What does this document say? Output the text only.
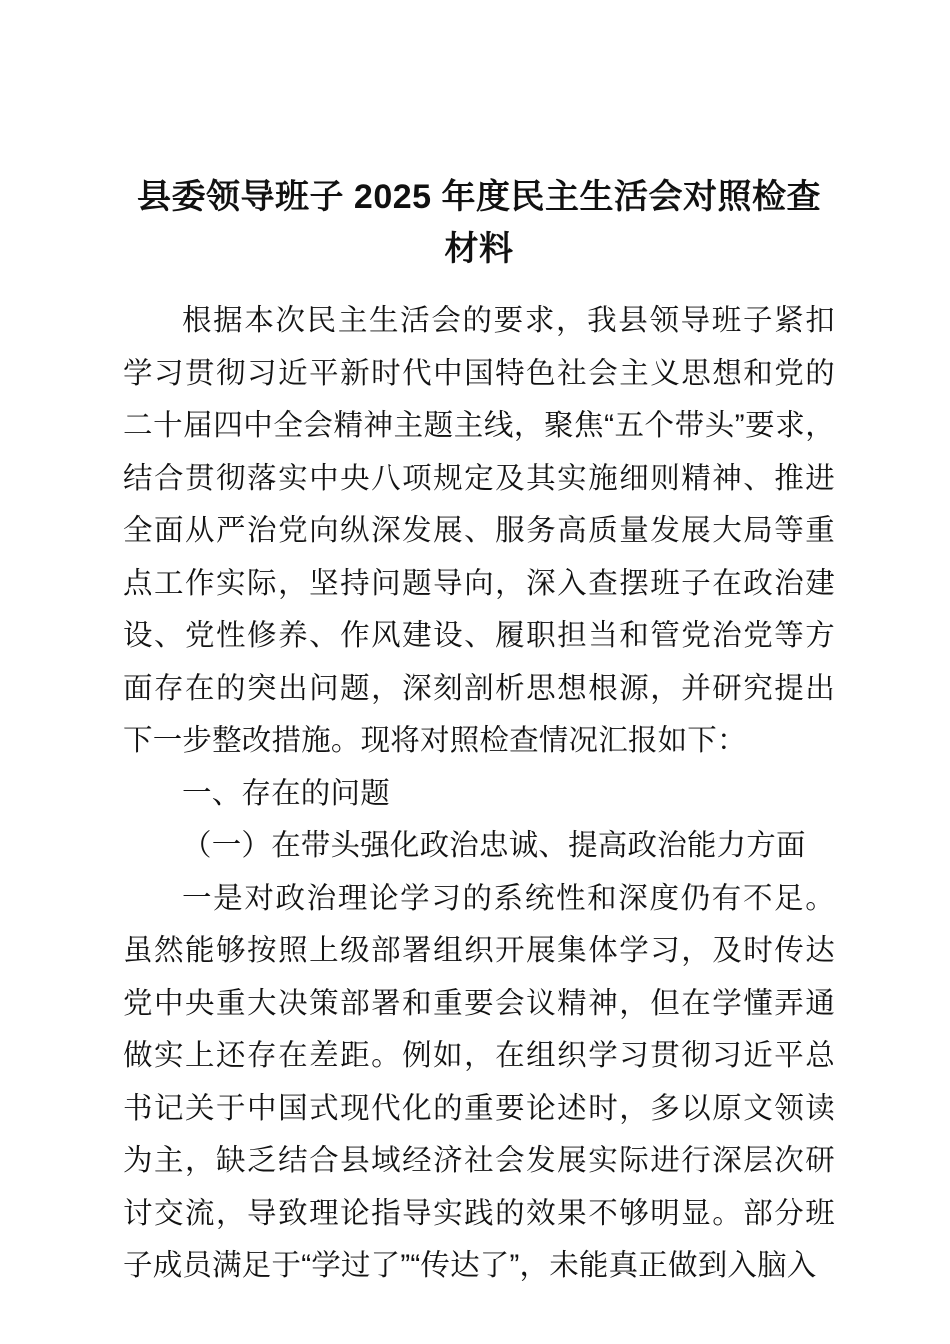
县委领导班子 2025 年度民主生活会对照检查材料

根据本次民主生活会的要求，我县领导班子紧扣学习贯彻习近平新时代中国特色社会主义思想和党的二十届四中全会精神主题主线，聚焦“五个带头”要求，结合贯彻落实中央八项规定及其实施细则精神、推进全面从严治党向纵深发展、服务高质量发展大局等重点工作实际，坚持问题导向，深入查摆班子在政治建设、党性修养、作风建设、履职担当和管党治党等方面存在的突出问题，深刻剖析思想根源，并研究提出下一步整改措施。现将对照检查情况汇报如下：

一、存在的问题

（一）在带头强化政治忠诚、提高政治能力方面

一是对政治理论学习的系统性和深度仍有不足。虽然能够按照上级部署组织开展集体学习，及时传达党中央重大决策部署和重要会议精神，但在学懂弄通做实上还存在差距。例如，在组织学习贯彻习近平总书记关于中国式现代化的重要论述时，多以原文领读为主，缺乏结合县域经济社会发展实际进行深层次研讨交流，导致理论指导实践的效果不够明显。部分班子成员满足于“学过了”“传达了”，未能真正做到入脑入
